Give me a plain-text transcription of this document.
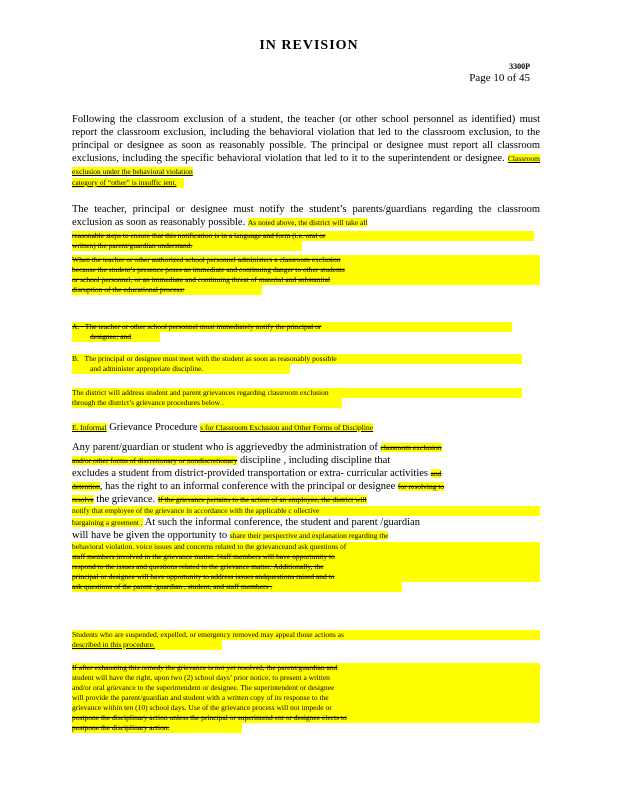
IN REVISION
3300P
Page 10 of 45
Following the classroom exclusion of a student, the teacher (or other school personnel as identified) must report the classroom exclusion, including the behavioral violation that led to the classroom exclusion, to the principal or designee as soon as reasonably possible. The principal or designee must report all classroom exclusions, including the specific behavioral violation that led to it to the superintendent or designee. Classroom exclusion under the behavioral violation
category of “other” is insuffic ient.
The teacher, principal or designee must notify the student’s parents/guardians regarding the classroom exclusion as soon as reasonably possible. As noted above, the district will take all
reasonable steps to ensure that this notification is in a language and form (i.e. oral or
written) the parent/guardian understand.
When the teacher or other authorized school personnel administers a classroom exclusion
because the student’s presence poses an immediate and continuing danger to other students
or school personnel, or an immediate and continuing threat of material and substantial
disruption of the educational process:
A. The teacher or other school personnel must immediately notify the principal or
designee; and
B. The principal or designee must meet with the student as soon as reasonably possible
and administer appropriate discipline.
The district will address student and parent grievances regarding classroom exclusion
through the district’s grievance procedures below .
E. Informal Grievance Procedure s for Classroom Exclusion and Other Forms of Discipline
Any parent/guardian or student who is aggrievedby the administration of classroom exclusion
and/or other forms of discretionary or nondiscretionary discipline , including discipline that
excludes a student from district-provided transportation or extra- curricular activities and
detention, has the right to an informal conference with the principal or designee for resolving to
resolve the grievance. If the grievance pertains to the action of an employee, the district will
notify that employee of the grievance in accordance with the applicable c ollective
bargaining a greement . At such the informal conference, the student and parent /guardian
will have be given the opportunity to share their perspective and explanation regarding the
behavioral violation. voice issues and concerns related to the grievanceand ask questions of
staff members involved in the grievance matter. Staff members will have opportunity to
respond to the issues and questions related to the grievance matter. Additionally, the
principal or designee will have opportunity to address issues andquestions raised and to
ask questions of the parent /guardian , student, and staff members .
Students who are suspended, expelled, or emergency removed may appeal those actions as
described in this procedure.
If after exhausting this remedy the grievance is not yet resolved, the parent/guardian and
student will have the right, upon two (2) school days’ prior notice, to present a written
and/or oral grievance to the superintendent or designee. The superintendent or designee
will provide the parent/guardian and student with a written copy of its response to the
grievance within ten (10) school days. Use of the grievance process will not impede or
postpone the disciplinary action unless the principal or superintend ent or designee elects to
postpone the disciplinary action.
